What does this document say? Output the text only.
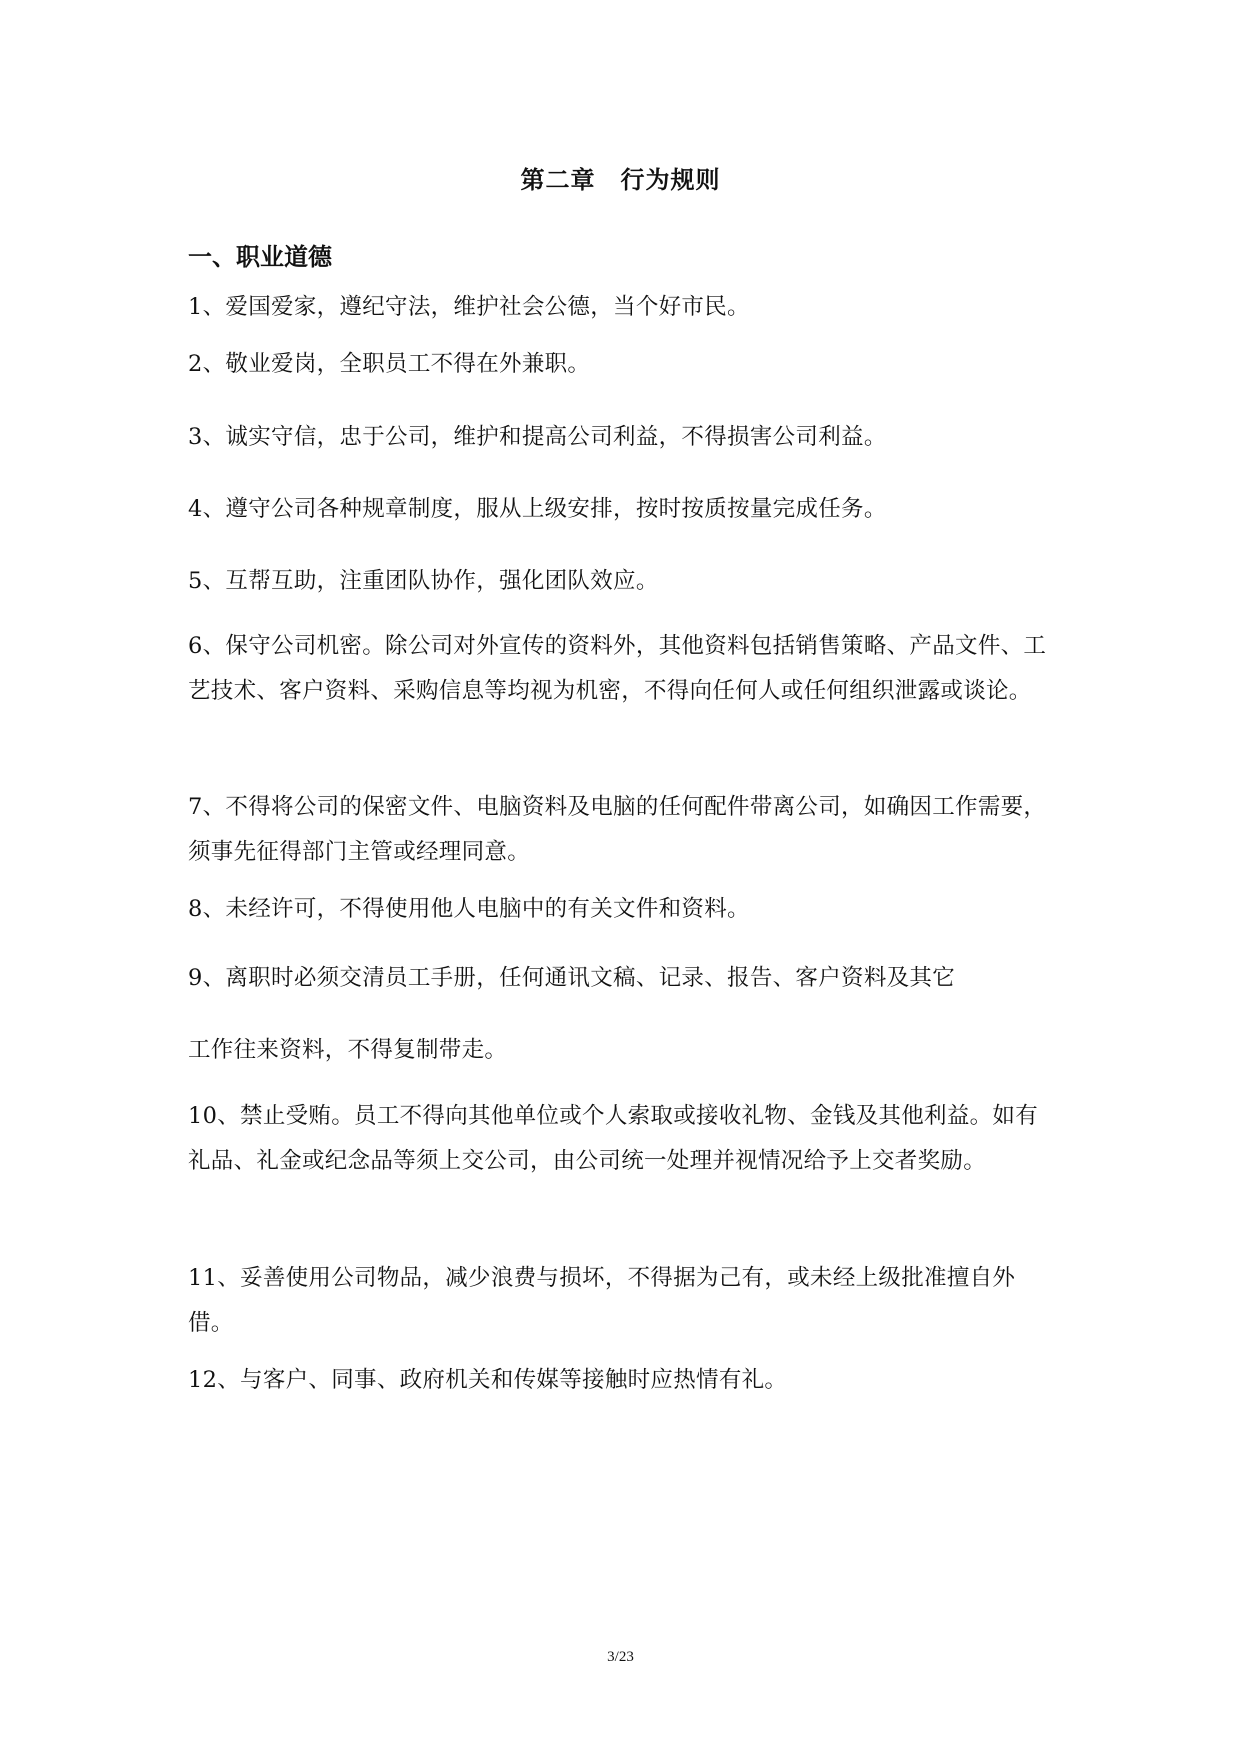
第二章　行为规则
一、职业道德

1、爱国爱家，遵纪守法，维护社会公德，当个好市民。

2、敬业爱岗，全职员工不得在外兼职。

3、诚实守信，忠于公司，维护和提高公司利益，不得损害公司利益。

4、遵守公司各种规章制度，服从上级安排，按时按质按量完成任务。

5、互帮互助，注重团队协作，强化团队效应。

6、保守公司机密。除公司对外宣传的资料外，其他资料包括销售策略、产品文件、工艺技术、客户资料、采购信息等均视为机密，不得向任何人或任何组织泄露或谈论。

7、不得将公司的保密文件、电脑资料及电脑的任何配件带离公司，如确因工作需要，须事先征得部门主管或经理同意。

8、未经许可，不得使用他人电脑中的有关文件和资料。

9、离职时必须交清员工手册，任何通讯文稿、记录、报告、客户资料及其它

工作往来资料，不得复制带走。

10、禁止受贿。员工不得向其他单位或个人索取或接收礼物、金钱及其他利益。如有礼品、礼金或纪念品等须上交公司，由公司统一处理并视情况给予上交者奖励。

11、妥善使用公司物品，减少浪费与损坏，不得据为己有，或未经上级批准擅自外借。

12、与客户、同事、政府机关和传媒等接触时应热情有礼。

3/23
